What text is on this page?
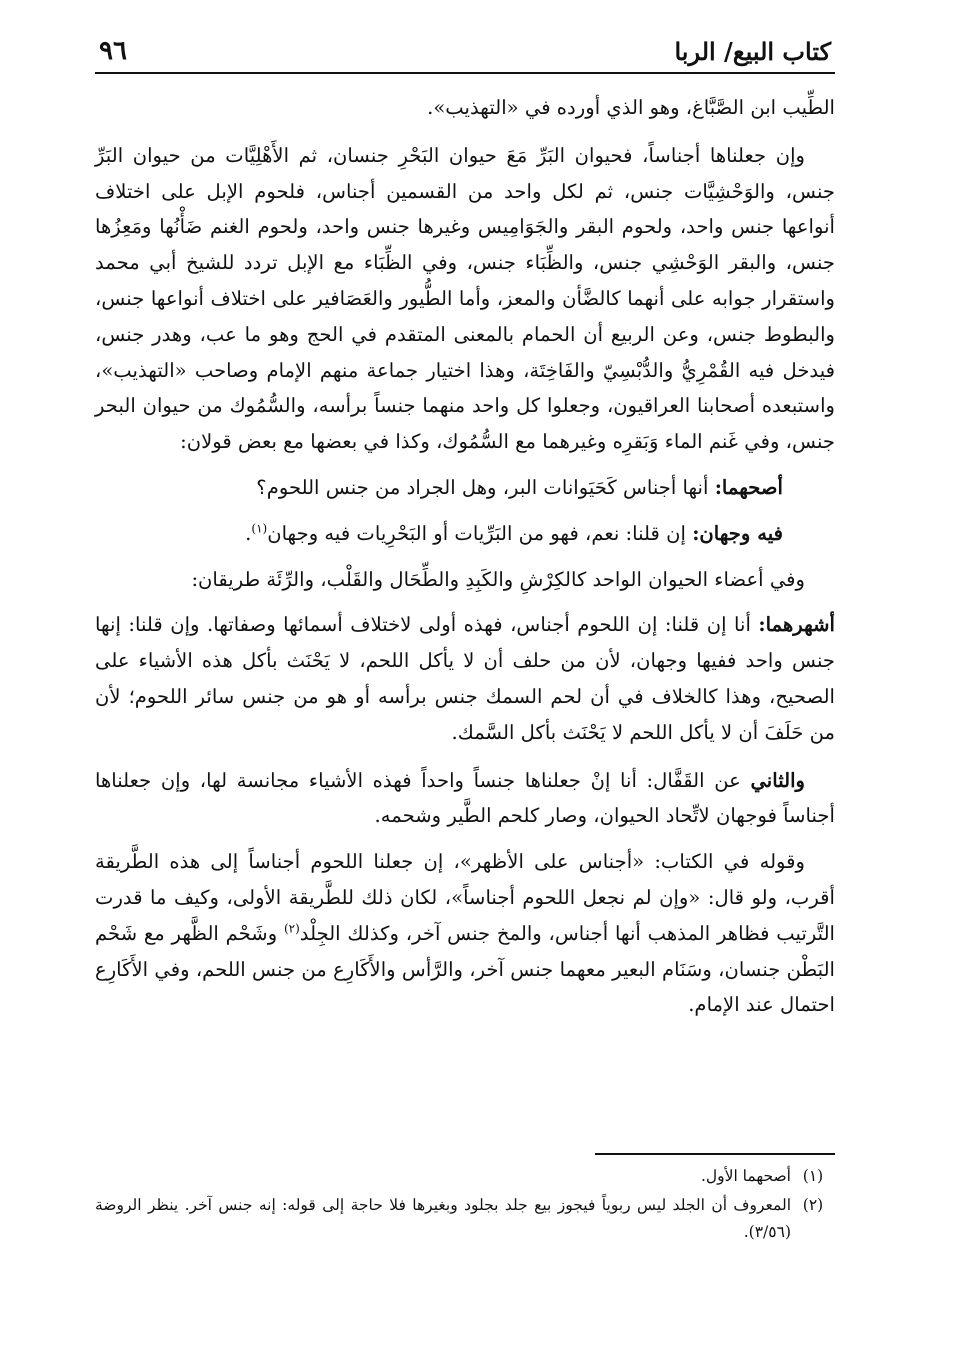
كتاب البيع/ الربا
٩٦

الطِّيب ابن الصَّبَّاغ، وهو الذي أورده في «التهذيب».

وإن جعلناها أجناساً، فحيوان البَرِّ مَعَ حيوان البَحْرِ جنسان، ثم الأَهْلِيَّات من حيوان البَرِّ جنس، والوَحْشِيَّات جنس، ثم لكل واحد من القسمين أجناس، فلحوم الإبل على اختلاف أنواعها جنس واحد، ولحوم البقر والجَوَامِيس وغيرها جنس واحد، ولحوم الغنم ضَأْنُها ومَعِزُها جنس، والبقر الوَحْشِي جنس، والظِّبَاء جنس، وفي الظِّبَاء مع الإبل تردد للشيخ أبي محمد واستقرار جوابه على أنهما كالضَّأن والمعز، وأما الطُّيور والعَصَافير على اختلاف أنواعها جنس، والبطوط جنس، وعن الربيع أن الحمام بالمعنى المتقدم في الحج وهو ما عب، وهدر جنس، فيدخل فيه القُمْرِيُّ والدُّبْسِيّ والفَاخِتَة، وهذا اختيار جماعة منهم الإمام وصاحب «التهذيب»، واستبعده أصحابنا العراقيون، وجعلوا كل واحد منهما جنساً برأسه، والسُّمُوك من حيوان البحر جنس، وفي غَنم الماء وَبَقرِه وغيرهما مع السُّمُوك، وكذا في بعضها مع بعض قولان:

أصحهما: أنها أجناس كَحَيَوانات البر، وهل الجراد من جنس اللحوم؟

فيه وجهان: إن قلنا: نعم، فهو من البَرِّيات أو البَحْرِيات فيه وجهان$^{(١)}$.

وفي أعضاء الحيوان الواحد كالكِرْشِ والكَبِدِ والطِّحَال والقَلْب، والرِّئَة طريقان:

أشهرهما: أنا إن قلنا: إن اللحوم أجناس، فهذه أولى لاختلاف أسمائها وصفاتها. وإن قلنا: إنها جنس واحد ففيها وجهان، لأن من حلف أن لا يأكل اللحم، لا يَحْنَث بأكل هذه الأشياء على الصحيح، وهذا كالخلاف في أن لحم السمك جنس برأسه أو هو من جنس سائر اللحوم؛ لأن من حَلَفَ أن لا يأكل اللحم لا يَحْنَث بأكل السَّمك.

والثاني عن القَفَّال: أنا إنْ جعلناها جنساً واحداً فهذه الأشياء مجانسة لها، وإن جعلناها أجناساً فوجهان لاتِّحاد الحيوان، وصار كلحم الطَّير وشحمه.

وقوله في الكتاب: «أجناس على الأظهر»، إن جعلنا اللحوم أجناساً إلى هذه الطَّريقة أقرب، ولو قال: «وإن لم نجعل اللحوم أجناساً»، لكان ذلك للطَّريقة الأولى، وكيف ما قدرت التَّرتيب فظاهر المذهب أنها أجناس، والمخ جنس آخر، وكذلك الجِلْد$^{(٢)}$ وشَحْم الظَّهر مع شَحْم البَطْن جنسان، وسَنَام البعير معهما جنس آخر، والرَّأس والأَكَارِع من جنس اللحم، وفي الأَكَارِع احتمال عند الإمام.

(١)
أصحهما الأول.
(٢)
المعروف أن الجلد ليس ربوياً فيجوز بيع جلد بجلود وبغيرها فلا حاجة إلى قوله: إنه جنس آخر. ينظر الروضة (٣/٥٦).
